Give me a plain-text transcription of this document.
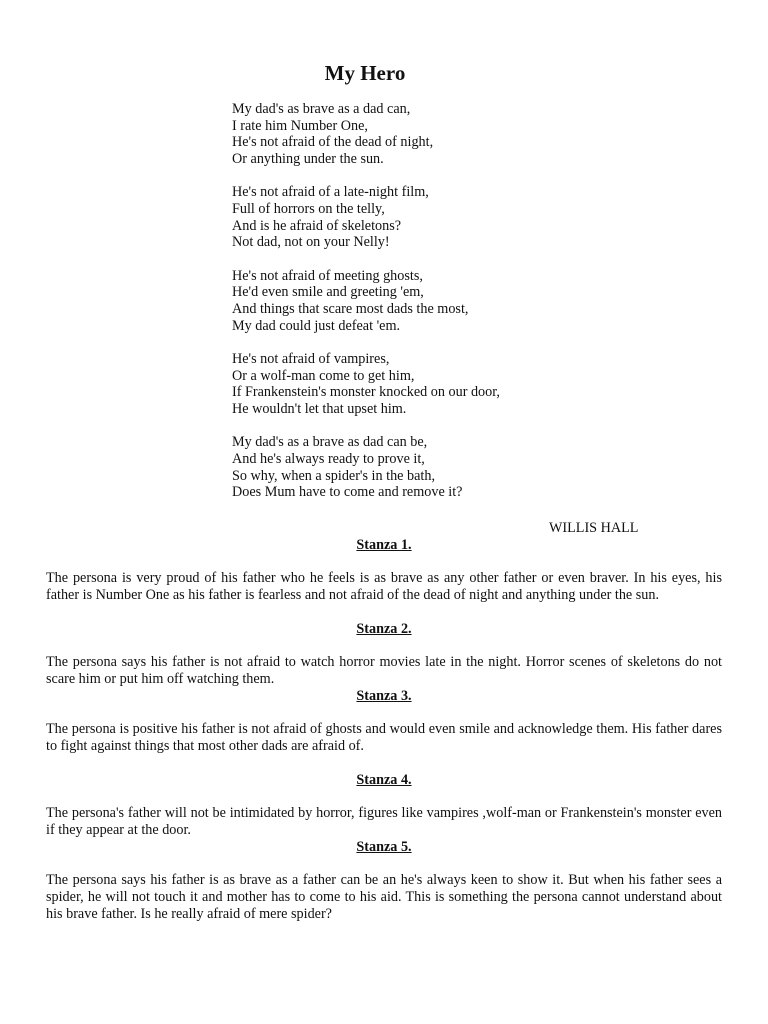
My Hero
My dad's as brave as a dad can,
I rate him Number One,
He's not afraid of the dead of night,
Or anything under the sun.
He's not afraid of a late-night film,
Full of horrors on the telly,
And is he afraid of skeletons?
Not dad, not on your Nelly!
He's not afraid of meeting ghosts,
He'd even smile and greeting 'em,
And things that scare most dads the most,
My dad could just defeat 'em.
He's not afraid of vampires,
Or a wolf-man come to get him,
If Frankenstein's monster knocked on our door,
He wouldn't let that upset him.
My dad's as a brave as dad can be,
And he's always ready to prove it,
So why, when a spider's in the bath,
Does Mum have to come and remove it?
WILLIS HALL

Stanza 1.

The persona is very proud of his father who he feels is as brave as any other father or even braver. In his eyes, his father is Number One as his father is fearless and not afraid of the dead of night and anything under the sun.

Stanza 2.

The persona says his father is not afraid to watch horror movies late in the night. Horror scenes of skeletons do not scare him or put him off watching them.

Stanza 3.

The persona is positive his father is not afraid of ghosts and would even smile and acknowledge them. His father dares to fight against things that most other dads are afraid of.

Stanza 4.

The persona's father will not be intimidated by horror, figures like vampires ,wolf-man or Frankenstein's monster even if they appear at the door.

Stanza 5.

The persona says his father is as brave as a father can be an he's always keen to show it. But when his father sees a spider, he will not touch it and mother has to come to his aid. This is something the persona cannot understand about his brave father. Is he really afraid of mere spider?
